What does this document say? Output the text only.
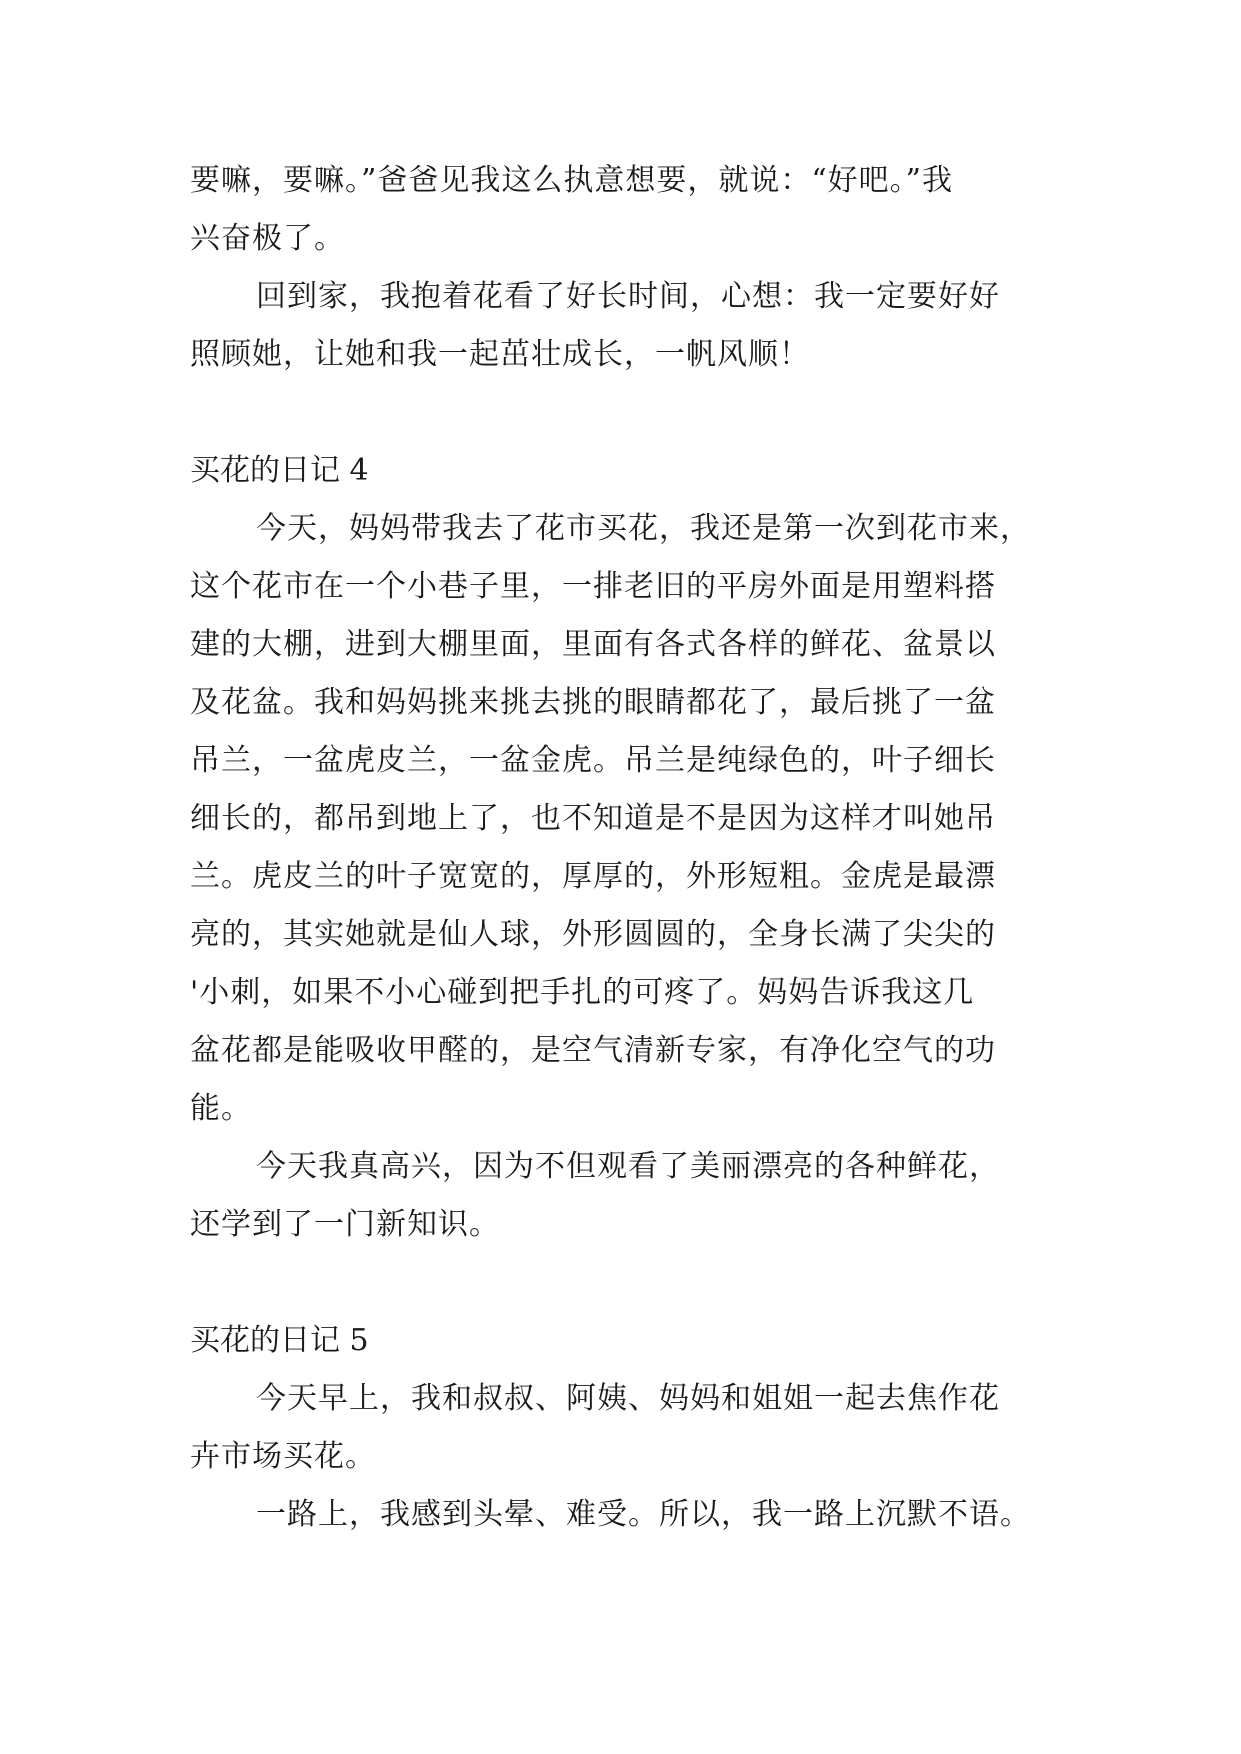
要嘛，要嘛。”爸爸见我这么执意想要，就说：“好吧。”我
兴奋极了。
回到家，我抱着花看了好长时间，心想：我一定要好好
照顾她，让她和我一起茁壮成长，一帆风顺！
买花的日记 4
今天，妈妈带我去了花市买花，我还是第一次到花市来，
这个花市在一个小巷子里，一排老旧的平房外面是用塑料搭
建的大棚，进到大棚里面，里面有各式各样的鲜花、盆景以
及花盆。我和妈妈挑来挑去挑的眼睛都花了，最后挑了一盆
吊兰，一盆虎皮兰，一盆金虎。吊兰是纯绿色的，叶子细长
细长的，都吊到地上了，也不知道是不是因为这样才叫她吊
兰。虎皮兰的叶子宽宽的，厚厚的，外形短粗。金虎是最漂
亮的，其实她就是仙人球，外形圆圆的，全身长满了尖尖的
'小刺，如果不小心碰到把手扎的可疼了。妈妈告诉我这几
盆花都是能吸收甲醛的，是空气清新专家，有净化空气的功
能。
今天我真高兴，因为不但观看了美丽漂亮的各种鲜花，
还学到了一门新知识。
买花的日记 5
今天早上，我和叔叔、阿姨、妈妈和姐姐一起去焦作花
卉市场买花。
一路上，我感到头晕、难受。所以，我一路上沉默不语。
